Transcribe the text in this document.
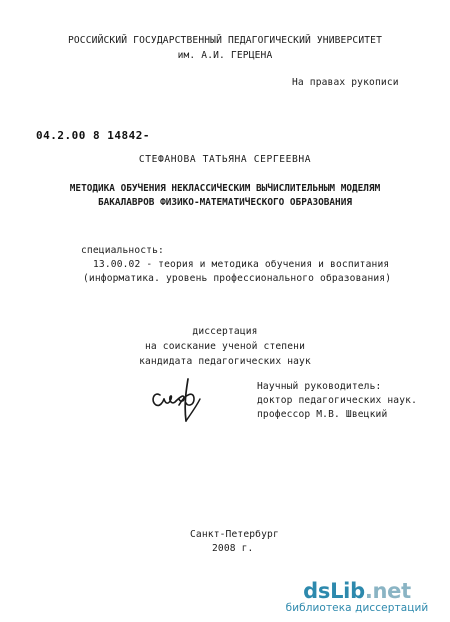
РОССИЙСКИЙ ГОСУДАРСТВЕННЫЙ ПЕДАГОГИЧЕСКИЙ УНИВЕРСИТЕТ
им. А.И. ГЕРЦЕНА
На правах рукописи
04.2.00 8 14842-
СТЕФАНОВА ТАТЬЯНА СЕРГЕЕВНА
МЕТОДИКА ОБУЧЕНИЯ НЕКЛАССИЧЕСКИМ ВЫЧИСЛИТЕЛЬНЫМ МОДЕЛЯМ
БАКАЛАВРОВ ФИЗИКО-МАТЕМАТИЧЕСКОГО ОБРАЗОВАНИЯ
специальность:
13.00.02 - теория и методика обучения и воспитания
(информатика. уровень профессионального образования)
диссертация
на соискание ученой степени
кандидата педагогических наук
Научный руководитель:
доктор педагогических наук.
профессор М.В. Швецкий
Санкт-Петербург
2008 г.
dsLib.net
библиотека диссертаций
